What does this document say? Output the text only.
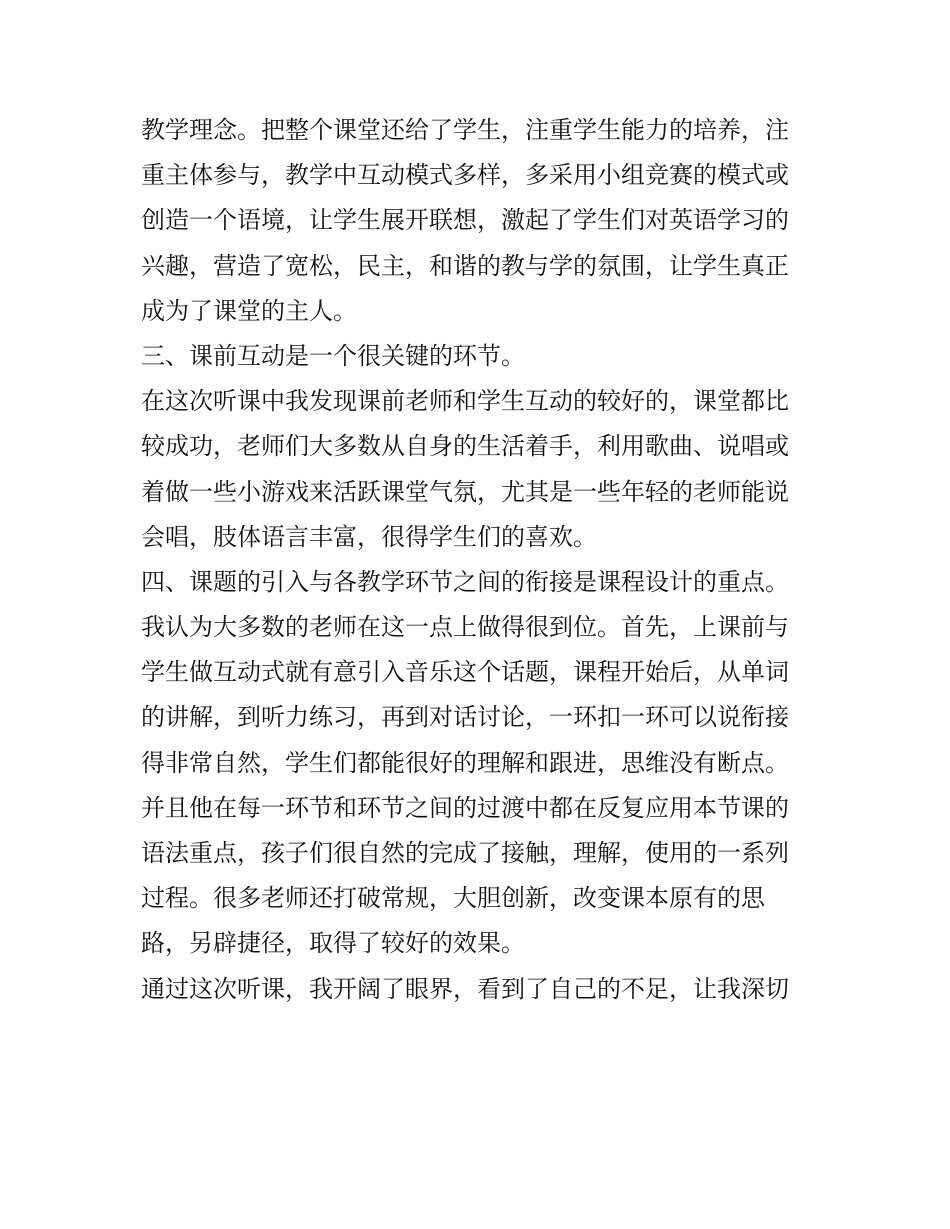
教学理念。把整个课堂还给了学生，注重学生能力的培养，注
重主体参与，教学中互动模式多样，多采用小组竞赛的模式或
创造一个语境，让学生展开联想，激起了学生们对英语学习的
兴趣，营造了宽松，民主，和谐的教与学的氛围，让学生真正
成为了课堂的主人。
三、课前互动是一个很关键的环节。
在这次听课中我发现课前老师和学生互动的较好的，课堂都比
较成功，老师们大多数从自身的生活着手，利用歌曲、说唱或
着做一些小游戏来活跃课堂气氛，尤其是一些年轻的老师能说
会唱，肢体语言丰富，很得学生们的喜欢。
四、课题的引入与各教学环节之间的衔接是课程设计的重点。
我认为大多数的老师在这一点上做得很到位。首先，上课前与
学生做互动式就有意引入音乐这个话题，课程开始后，从单词
的讲解，到听力练习，再到对话讨论，一环扣一环可以说衔接
得非常自然，学生们都能很好的理解和跟进，思维没有断点。
并且他在每一环节和环节之间的过渡中都在反复应用本节课的
语法重点，孩子们很自然的完成了接触，理解，使用的一系列
过程。很多老师还打破常规，大胆创新，改变课本原有的思
路，另辟捷径，取得了较好的效果。
通过这次听课，我开阔了眼界，看到了自己的不足，让我深切
